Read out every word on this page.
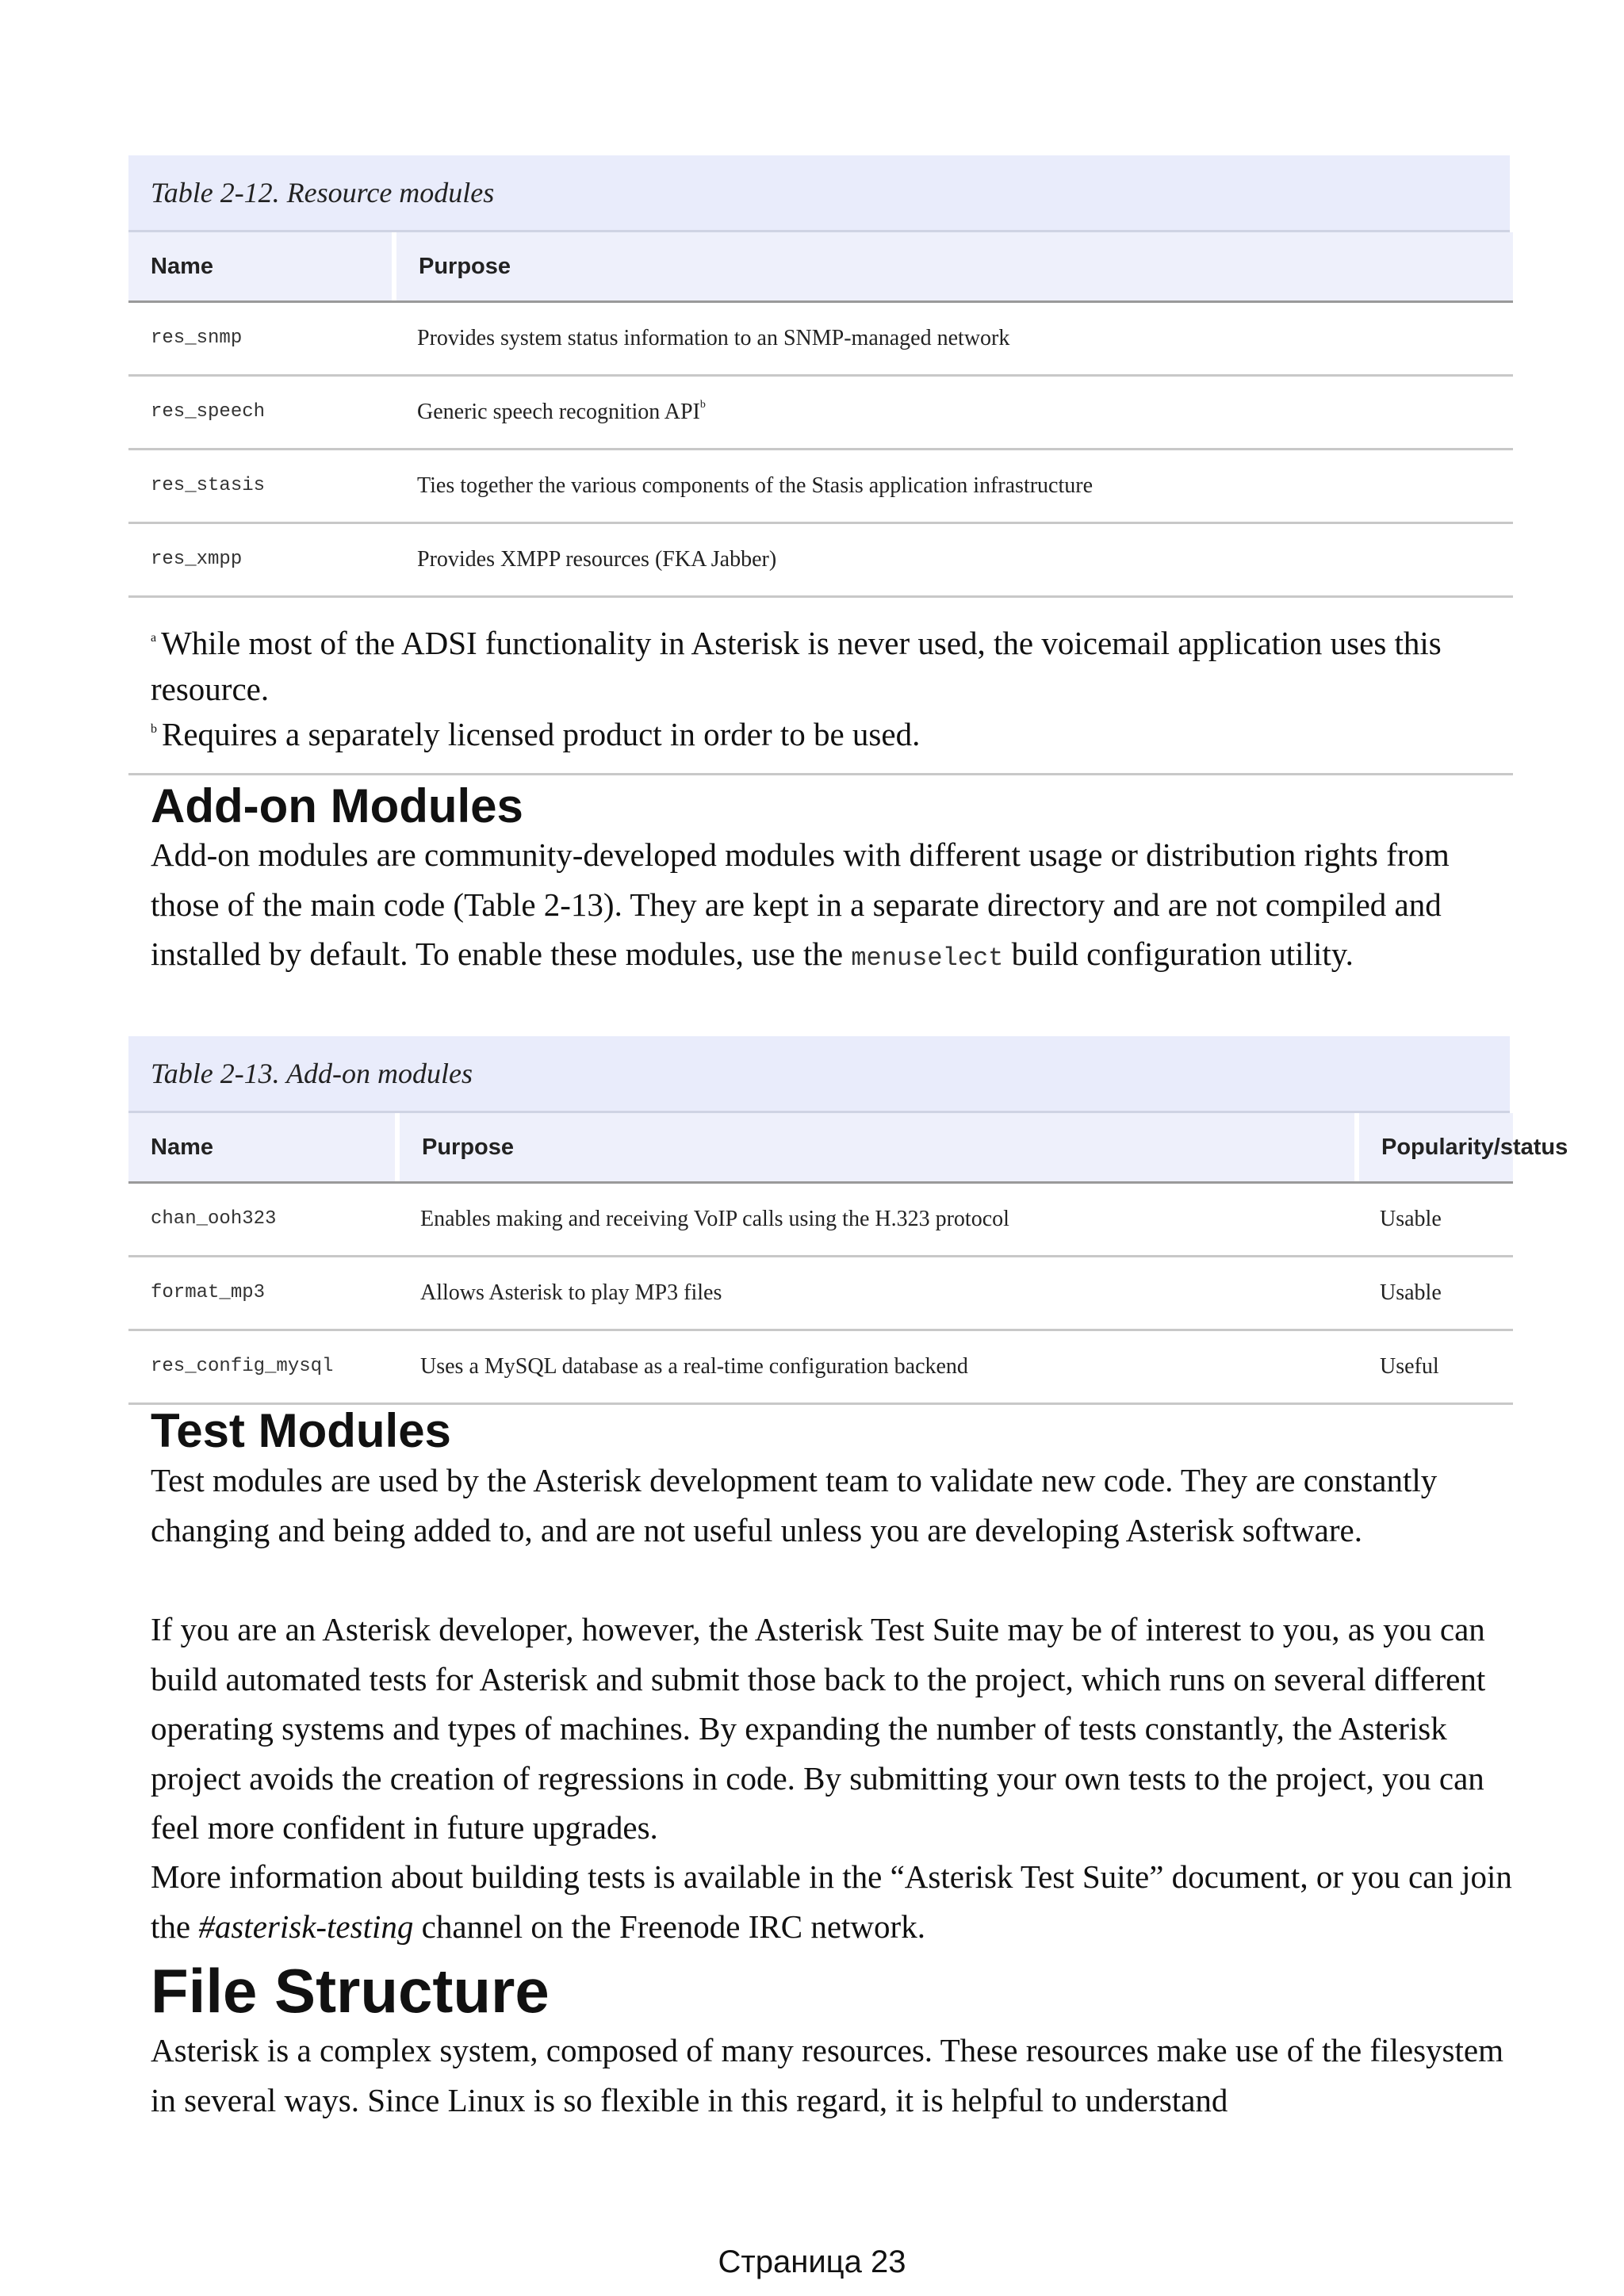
Table 2-12. Resource modules
Name	Purpose
res_snmp	Provides system status information to an SNMP-managed network
res_speech	Generic speech recognition API$^b$
res_stasis	Ties together the various components of the Stasis application infrastructure
res_xmpp	Provides XMPP resources (FKA Jabber)
$^a$ While most of the ADSI functionality in Asterisk is never used, the voicemail application uses this resource.
$^b$ Requires a separately licensed product in order to be used.
Add-on Modules

Add-on modules are community-developed modules with different usage or distribution rights from those of the main code (Table 2-13). They are kept in a separate directory and are not compiled and installed by default. To enable these modules, use the menuselect build configuration utility.

Table 2-13. Add-on modules
Name	Purpose	Popularity/status
chan_ooh323	Enables making and receiving VoIP calls using the H.323 protocol	Usable
format_mp3	Allows Asterisk to play MP3 files	Usable
res_config_mysql	Uses a MySQL database as a real-time configuration backend	Useful
Test Modules

Test modules are used by the Asterisk development team to validate new code. They are constantly changing and being added to, and are not useful unless you are developing Asterisk software.

If you are an Asterisk developer, however, the Asterisk Test Suite may be of interest to you, as you can build automated tests for Asterisk and submit those back to the project, which runs on several different operating systems and types of machines. By expanding the number of tests constantly, the Asterisk project avoids the creation of regressions in code. By submitting your own tests to the project, you can feel more confident in future upgrades.

More information about building tests is available in the “Asterisk Test Suite” document, or you can join the #asterisk-testing channel on the Freenode IRC network.

File Structure

Asterisk is a complex system, composed of many resources. These resources make use of the filesystem in several ways. Since Linux is so flexible in this regard, it is helpful to understand

Страница 23
